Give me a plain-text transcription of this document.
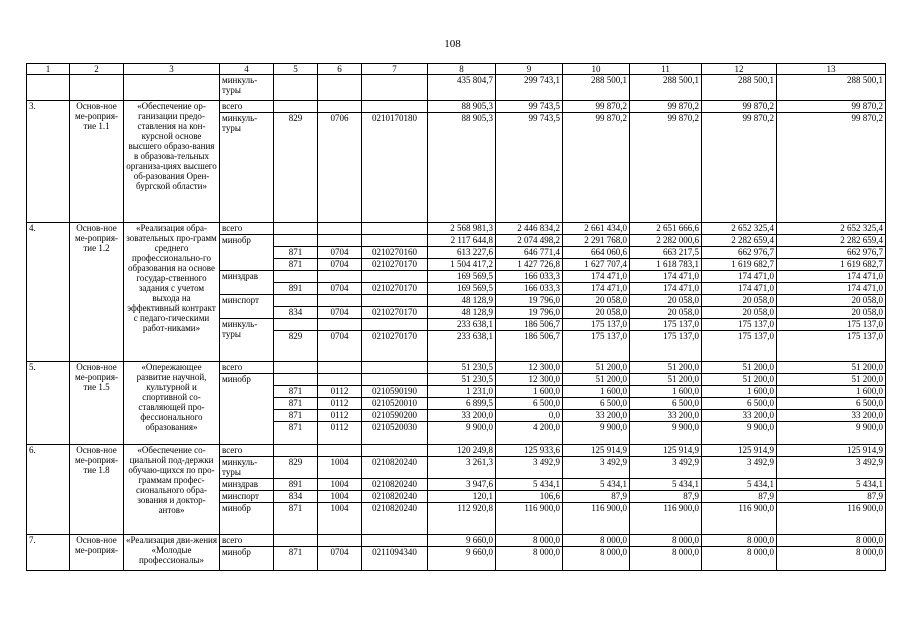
108
1	2	3	4	5	6	7	8	9	10	11	12	13
			минкуль-туры				435 804,7	299 743,1	288 500,1	288 500,1	288 500,1	288 500,1
3.	Основ-ное ме-роприя-тие 1.1	«Обеспечение ор-ганизации предо-ставления на кон-курсной основе высшего образо-вания в образова-тельных организа-циях высшего об-разования Орен-бургской области»	всего				88 905,3	99 743,5	99 870,2	99 870,2	99 870,2	99 870,2
			минкуль-туры	829	0706	0210170180	88 905,3	99 743,5	99 870,2	99 870,2	99 870,2	99 870,2
4.	Основ-ное ме-роприя-тие 1.2	«Реализация обра-зовательных про-грамм среднего профессионально-го образования на основе государ-ственного задания с учетом выхода на эффективный контракт с педаго-гическими работ-никами»	всего				2 568 981,3	2 446 834,2	2 661 434,0	2 651 666,6	2 652 325,4	2 652 325,4
			минобр				2 117 644,8	2 074 498,2	2 291 768,0	2 282 000,6	2 282 659,4	2 282 659,4
				871	0704	0210270160	613 227,6	646 771,4	664 060,6	663 217,5	662 976,7	662 976,7
				871	0704	0210270170	1 504 417,2	1 427 726,8	1 627 707,4	1 618 783,1	1 619 682,7	1 619 682,7
			минздрав				169 569,5	166 033,3	174 471,0	174 471,0	174 471,0	174 471,0
				891	0704	0210270170	169 569,5	166 033,3	174 471,0	174 471,0	174 471,0	174 471,0
			минспорт				48 128,9	19 796,0	20 058,0	20 058,0	20 058,0	20 058,0
				834	0704	0210270170	48 128,9	19 796,0	20 058,0	20 058,0	20 058,0	20 058,0
			минкуль-туры				233 638,1	186 506,7	175 137,0	175 137,0	175 137,0	175 137,0
				829	0704	0210270170	233 638,1	186 506,7	175 137,0	175 137,0	175 137,0	175 137,0
5.	Основ-ное ме-роприя-тие 1.5	«Опережающее развитие научной, культурной и спортивной со-ставляющей про-фессионального образования»	всего				51 230,5	12 300,0	51 200,0	51 200,0	51 200,0	51 200,0
			минобр				51 230,5	12 300,0	51 200,0	51 200,0	51 200,0	51 200,0
				871	0112	0210590190	1 231,0	1 600,0	1 600,0	1 600,0	1 600,0	1 600,0
				871	0112	0210520010	6 899,5	6 500,0	6 500,0	6 500,0	6 500,0	6 500,0
				871	0112	0210590200	33 200,0	0,0	33 200,0	33 200,0	33 200,0	33 200,0
				871	0112	0210520030	9 900,0	4 200,0	9 900,0	9 900,0	9 900,0	9 900,0
6.	Основ-ное ме-роприя-тие 1.8	«Обеспечение со-циальной под-держки обучаю-щихся по про-граммам профес-сионального обра-зования и доктор-антов»	всего				120 249,8	125 933,6	125 914,9	125 914,9	125 914,9	125 914,9
			минкуль-туры	829	1004	0210820240	3 261,3	3 492,9	3 492,9	3 492,9	3 492,9	3 492,9
			минздрав	891	1004	0210820240	3 947,6	5 434,1	5 434,1	5 434,1	5 434,1	5 434,1
			минспорт	834	1004	0210820240	120,1	106,6	87,9	87,9	87,9	87,9
			минобр	871	1004	0210820240	112 920,8	116 900,0	116 900,0	116 900,0	116 900,0	116 900,0
7.	Основ-ное ме-роприя-	«Реализация дви-жения «Молодые профессионалы»	всего				9 660,0	8 000,0	8 000,0	8 000,0	8 000,0	8 000,0
			минобр	871	0704	0211094340	9 660,0	8 000,0	8 000,0	8 000,0	8 000,0	8 000,0
